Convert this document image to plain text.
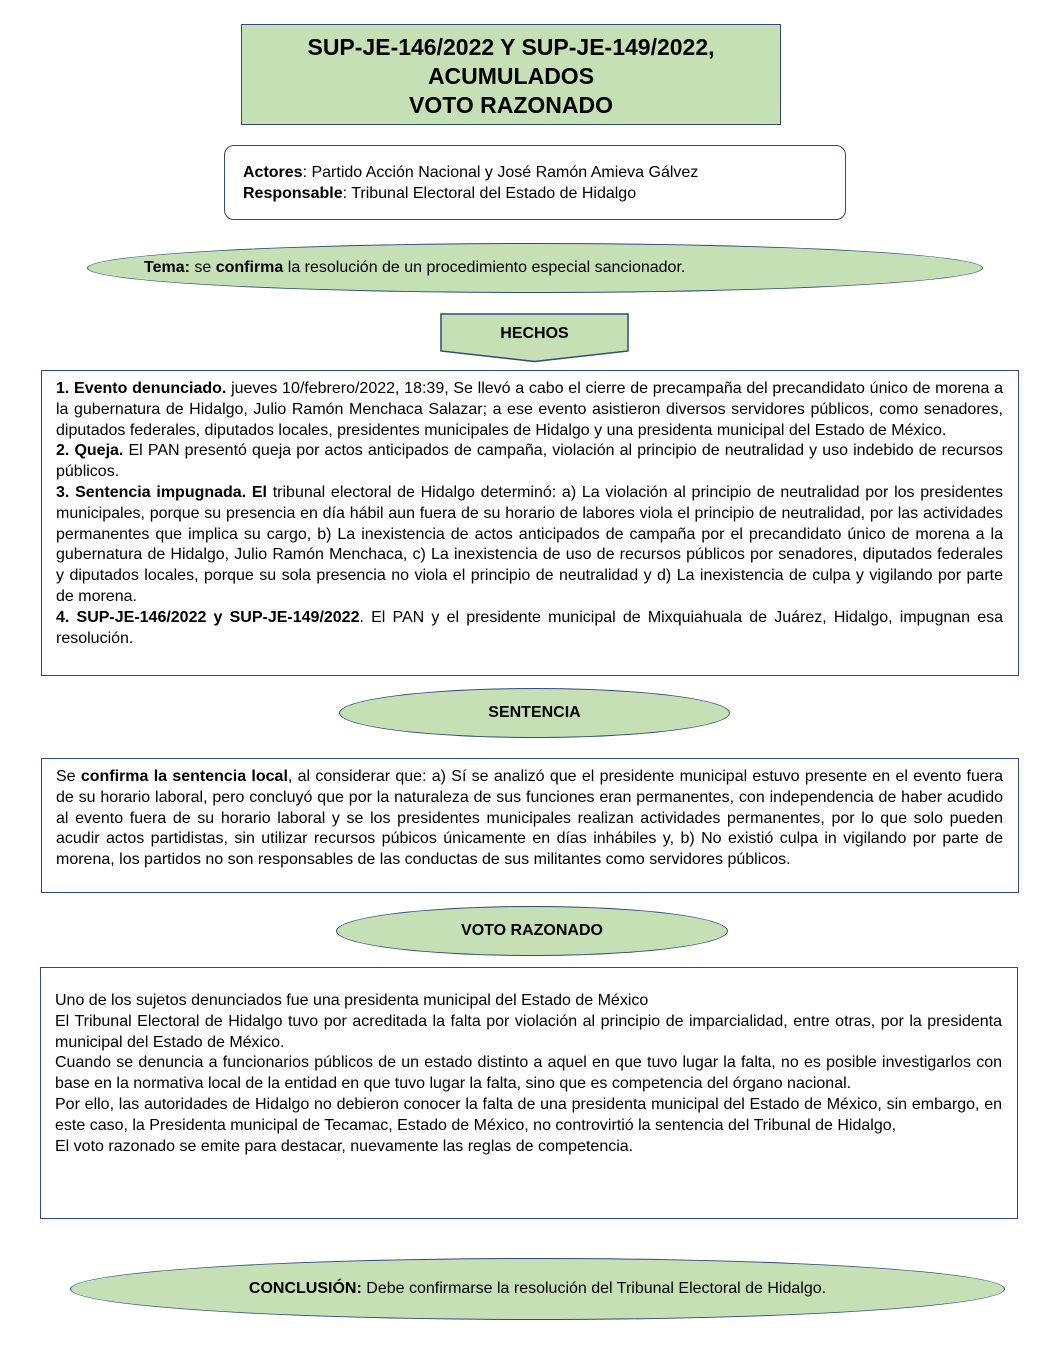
SUP-JE-146/2022 Y SUP-JE-149/2022,
ACUMULADOS
VOTO RAZONADO
Actores: Partido Acción Nacional y José Ramón Amieva Gálvez
Responsable: Tribunal Electoral del Estado de Hidalgo
Tema: se confirma la resolución de un procedimiento especial sancionador.
HECHOS

1. Evento denunciado. jueves 10/febrero/2022, 18:39, Se llevó a cabo el cierre de precampaña del precandidato único de morena a la gubernatura de Hidalgo, Julio Ramón Menchaca Salazar; a ese evento asistieron diversos servidores públicos, como senadores, diputados federales, diputados locales, presidentes municipales de Hidalgo y una presidenta municipal del Estado de México.

2. Queja. El PAN presentó queja por actos anticipados de campaña, violación al principio de neutralidad y uso indebido de recursos públicos.

3. Sentencia impugnada. El tribunal electoral de Hidalgo determinó: a) La violación al principio de neutralidad por los presidentes municipales, porque su presencia en día hábil aun fuera de su horario de labores viola el principio de neutralidad, por las actividades permanentes que implica su cargo, b) La inexistencia de actos anticipados de campaña por el precandidato único de morena a la gubernatura de Hidalgo, Julio Ramón Menchaca, c) La inexistencia de uso de recursos públicos por senadores, diputados federales y diputados locales, porque su sola presencia no viola el principio de neutralidad y d) La inexistencia de culpa y vigilando por parte de morena.

4. SUP-JE-146/2022 y SUP-JE-149/2022. El PAN y el presidente municipal de Mixquiahuala de Juárez, Hidalgo, impugnan esa resolución.

SENTENCIA
Se confirma la sentencia local, al considerar que: a) Sí se analizó que el presidente municipal estuvo presente en el evento fuera de su horario laboral, pero concluyó que por la naturaleza de sus funciones eran permanentes, con independencia de haber acudido al evento fuera de su horario laboral y se los presidentes municipales realizan actividades permanentes, por lo que solo pueden acudir actos partidistas, sin utilizar recursos púbicos únicamente en días inhábiles y, b) No existió culpa in vigilando por parte de morena, los partidos no son responsables de las conductas de sus militantes como servidores públicos.
VOTO RAZONADO

Uno de los sujetos denunciados fue una presidenta municipal del Estado de México

El Tribunal Electoral de Hidalgo tuvo por acreditada la falta por violación al principio de imparcialidad, entre otras, por la presidenta municipal del Estado de México.

Cuando se denuncia a funcionarios públicos de un estado distinto a aquel en que tuvo lugar la falta, no es posible investigarlos con base en la normativa local de la entidad en que tuvo lugar la falta, sino que es competencia del órgano nacional.

Por ello, las autoridades de Hidalgo no debieron conocer la falta de una presidenta municipal del Estado de México, sin embargo, en este caso, la Presidenta municipal de Tecamac, Estado de México, no controvirtió la sentencia del Tribunal de Hidalgo,

El voto razonado se emite para destacar, nuevamente las reglas de competencia.

CONCLUSIÓN: Debe confirmarse la resolución del Tribunal Electoral de Hidalgo.
